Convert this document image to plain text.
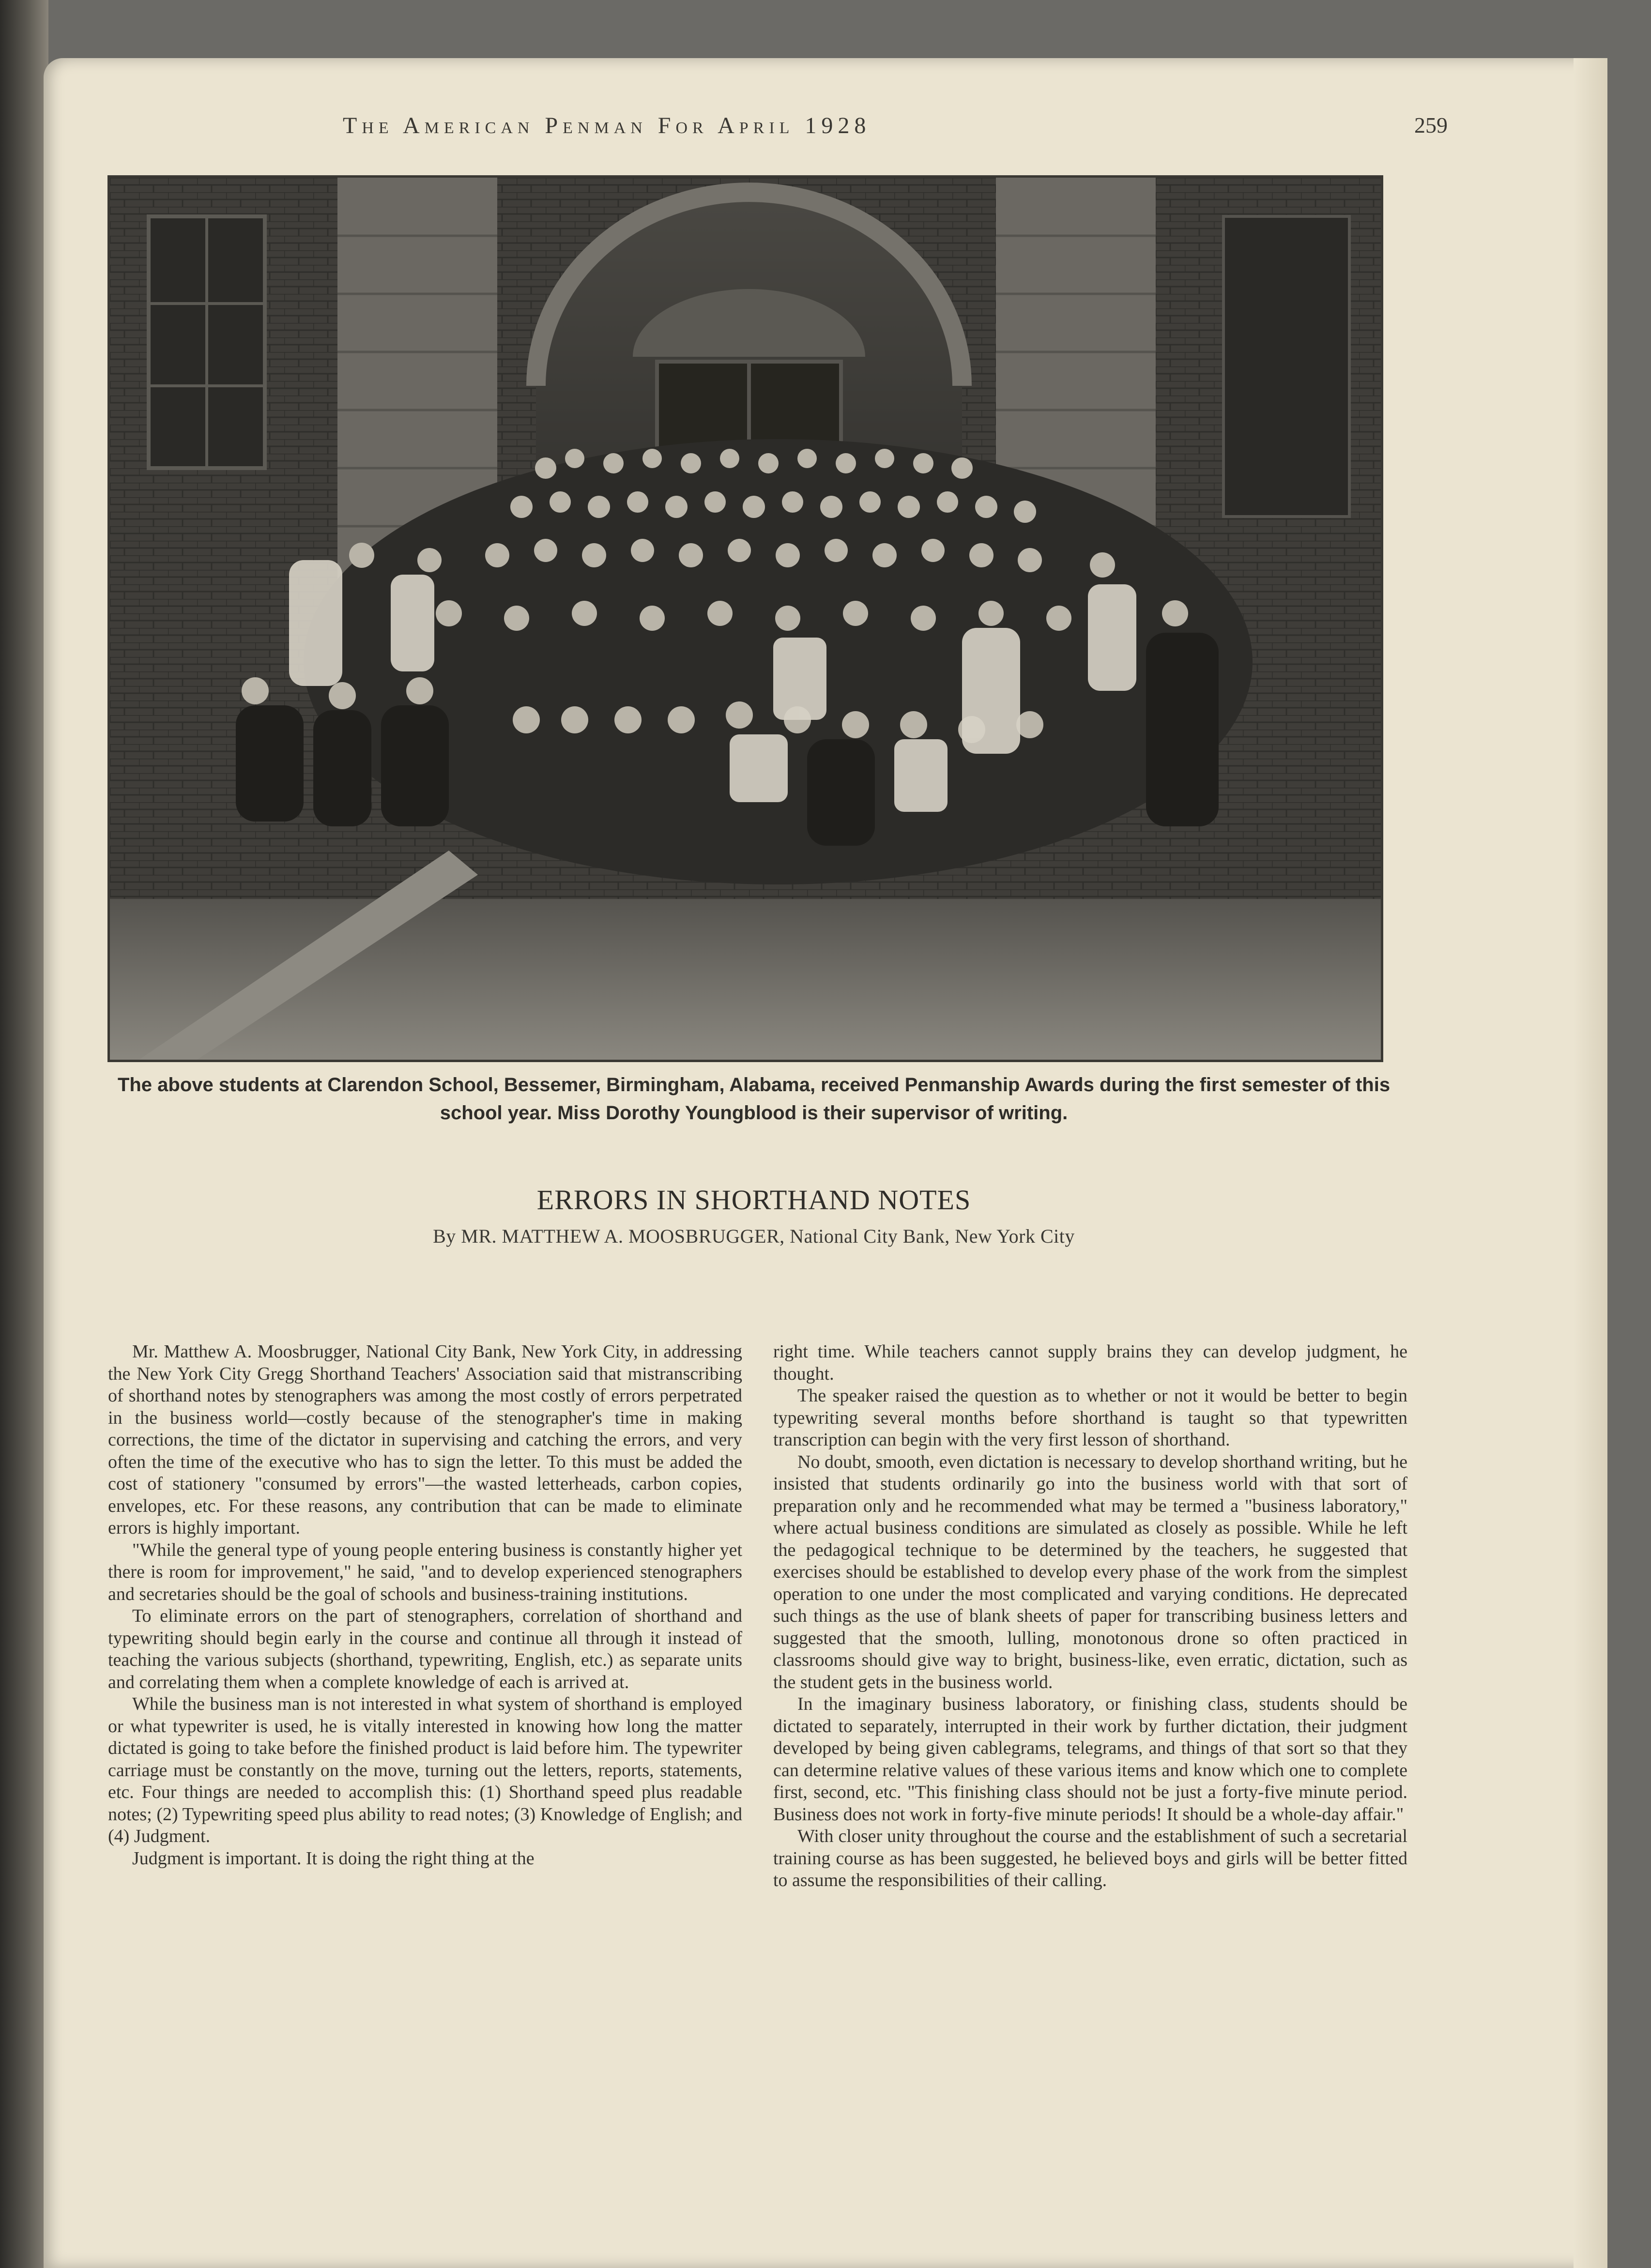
The American Penman For April 1928	259
The above students at Clarendon School, Bessemer, Birmingham, Alabama, received Penmanship Awards during the first semester of this school year. Miss Dorothy Youngblood is their supervisor of writing.
ERRORS IN SHORTHAND NOTES
By MR. MATTHEW A. MOOSBRUGGER, National City Bank, New York City

Mr. Matthew A. Moosbrugger, National City Bank, New York City, in addressing the New York City Gregg Shorthand Teachers' Association said that mistranscribing of shorthand notes by stenographers was among the most costly of errors perpetrated in the business world—costly because of the stenographer's time in making corrections, the time of the dictator in supervising and catching the errors, and very often the time of the executive who has to sign the letter. To this must be added the cost of stationery "consumed by errors"—the wasted letterheads, carbon copies, envelopes, etc. For these reasons, any contribution that can be made to eliminate errors is highly important.

"While the general type of young people entering business is constantly higher yet there is room for improvement," he said, "and to develop experienced stenographers and secretaries should be the goal of schools and business-training institutions.

To eliminate errors on the part of stenographers, correlation of shorthand and typewriting should begin early in the course and continue all through it instead of teaching the various subjects (shorthand, typewriting, English, etc.) as separate units and correlating them when a complete knowledge of each is arrived at.

While the business man is not interested in what system of shorthand is employed or what typewriter is used, he is vitally interested in knowing how long the matter dictated is going to take before the finished product is laid before him. The typewriter carriage must be constantly on the move, turning out the letters, reports, statements, etc. Four things are needed to accomplish this: (1) Shorthand speed plus readable notes; (2) Typewriting speed plus ability to read notes; (3) Knowledge of English; and (4) Judgment.

Judgment is important. It is doing the right thing at the

right time. While teachers cannot supply brains they can develop judgment, he thought.

The speaker raised the question as to whether or not it would be better to begin typewriting several months before shorthand is taught so that typewritten transcription can begin with the very first lesson of shorthand.

No doubt, smooth, even dictation is necessary to develop shorthand writing, but he insisted that students ordinarily go into the business world with that sort of preparation only and he recommended what may be termed a "business laboratory," where actual business conditions are simulated as closely as possible. While he left the pedagogical technique to be determined by the teachers, he suggested that exercises should be established to develop every phase of the work from the simplest operation to one under the most complicated and varying conditions. He deprecated such things as the use of blank sheets of paper for transcribing business letters and suggested that the smooth, lulling, monotonous drone so often practiced in classrooms should give way to bright, business-like, even erratic, dictation, such as the student gets in the business world.

In the imaginary business laboratory, or finishing class, students should be dictated to separately, interrupted in their work by further dictation, their judgment developed by being given cablegrams, telegrams, and things of that sort so that they can determine relative values of these various items and know which one to complete first, second, etc. "This finishing class should not be just a forty-five minute period. Business does not work in forty-five minute periods! It should be a whole-day affair."

With closer unity throughout the course and the establishment of such a secretarial training course as has been suggested, he believed boys and girls will be better fitted to assume the responsibilities of their calling.
